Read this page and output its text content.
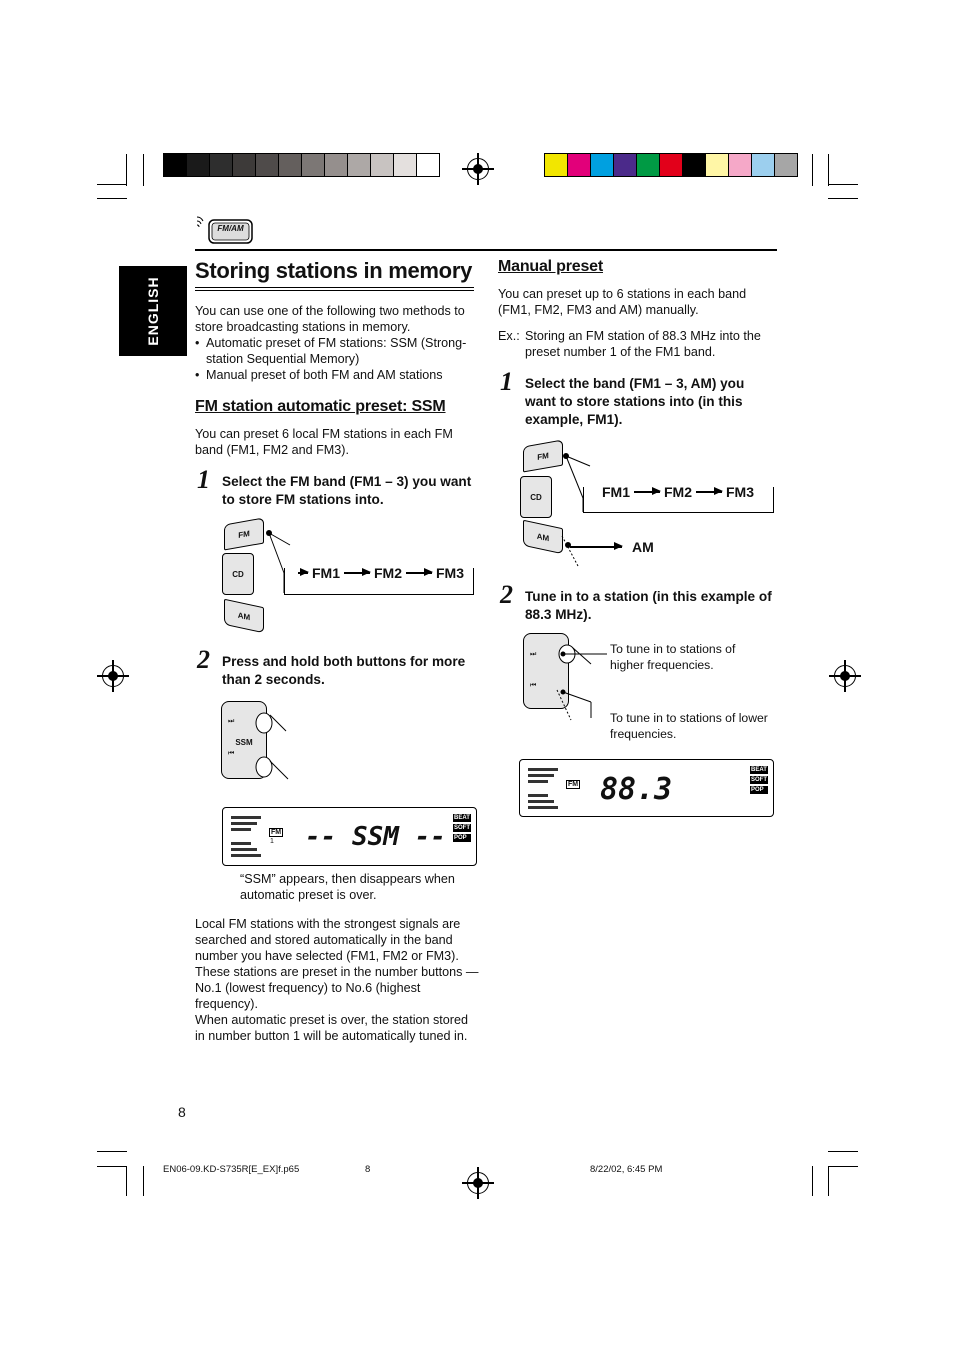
ENGLISH
FM/AM
Storing stations in memory
You can use one of the following two methods to store broadcasting stations in memory.
• Automatic preset of FM stations: SSM (Strong-station Sequential Memory)
• Manual preset of both FM and AM stations
FM station automatic preset: SSM
You can preset 6 local FM stations in each FM band (FM1, FM2 and FM3).
1 Select the FM band (FM1 – 3) you want to store FM stations into.
FM
CD
AM
FM1 FM2 FM3
2 Press and hold both buttons for more than 2 seconds.
SSM
⏭
⏮
FM
1 -- SSM --
BEAT
SOFT
POP
“SSM” appears, then disappears when automatic preset is over.
Local FM stations with the strongest signals are searched and stored automatically in the band number you have selected (FM1, FM2 or FM3). These stations are preset in the number buttons —No.1 (lowest frequency) to No.6 (highest frequency).
When automatic preset is over, the station stored in number button 1 will be automatically tuned in.
Manual preset
You can preset up to 6 stations in each band (FM1, FM2, FM3 and AM) manually.
Ex.: Storing an FM station of 88.3 MHz into the preset number 1 of the FM1 band.
1 Select the band (FM1 – 3, AM) you want to store stations into (in this example, FM1).
FM
CD
AM
FM1 FM2 FM3
AM
2 Tune in to a station (in this example of 88.3 MHz).
⏭
⏮
To tune in to stations of higher frequencies.
To tune in to stations of lower frequencies.
FM 88.3
BEAT
SOFT
POP
8
EN06-09.KD-S735R[E_EX]f.p65	8	8/22/02, 6:45 PM
